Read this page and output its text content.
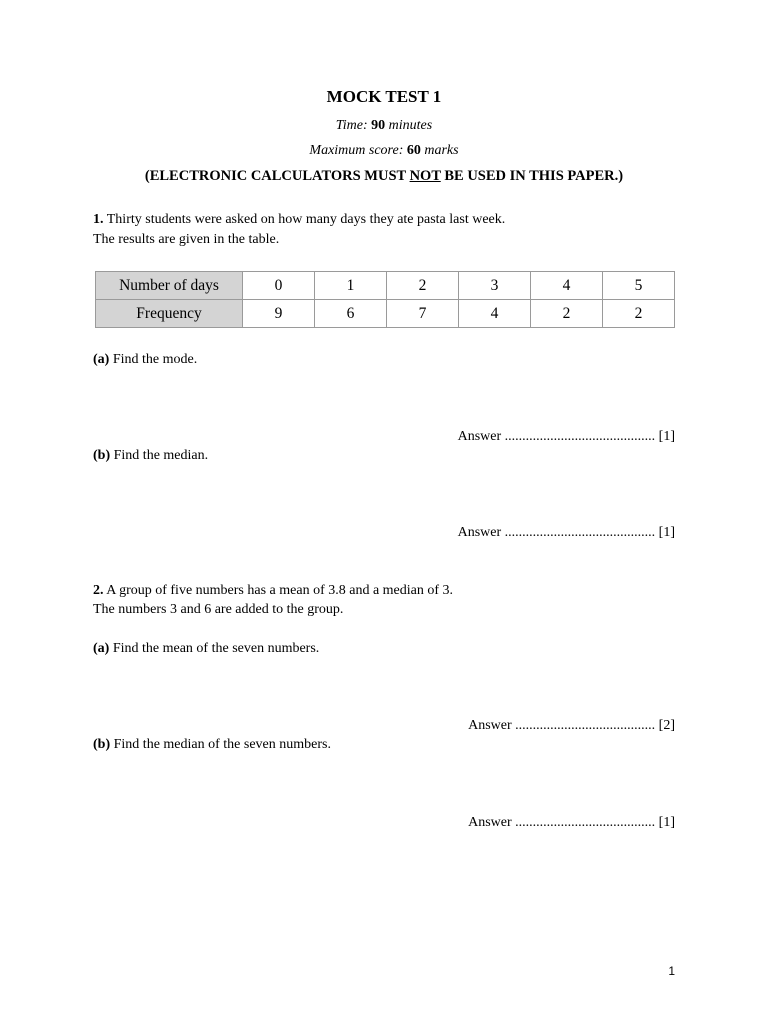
MOCK TEST 1
Time: 90 minutes
Maximum score: 60 marks
(ELECTRONIC CALCULATORS MUST NOT BE USED IN THIS PAPER.)
1. Thirty students were asked on how many days they ate pasta last week.
The results are given in the table.
Number of days	0	1	2	3	4	5
Frequency	9	6	7	4	2	2
(a) Find the mode.
Answer ........................................... [1]
(b) Find the median.
Answer ........................................... [1]
2. A group of five numbers has a mean of 3.8 and a median of 3.
The numbers 3 and 6 are added to the group.
(a) Find the mean of the seven numbers.
Answer ........................................ [2]
(b) Find the median of the seven numbers.
Answer ........................................ [1]
1
